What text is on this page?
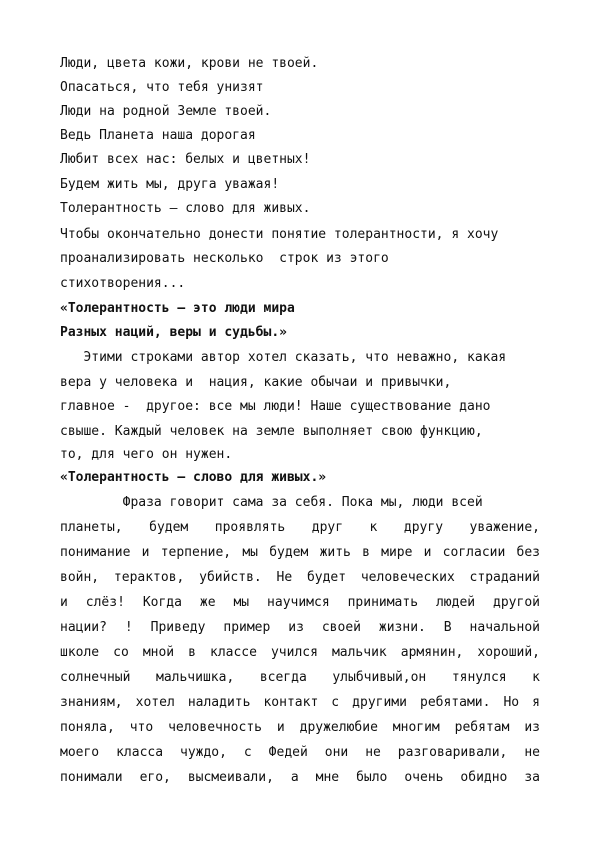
Люди, цвета кожи, крови не твоей.
Опасаться, что тебя унизят
Люди на родной Земле твоей.
Ведь Планета наша дорогая
Любит всех нас: белых и цветных!
Будем жить мы, друга уважая!
Толерантность – слово для живых.
Чтобы окончательно донести понятие толерантности, я хочу
проанализировать несколько  строк из этого
стихотворения...
«Толерантность – это люди мира
Разных наций, веры и судьбы.»
Этими строками автор хотел сказать, что неважно, какая
вера у человека и  нация, какие обычаи и привычки,
главное -  другое: все мы люди! Наше существование дано
свыше. Каждый человек на земле выполняет свою функцию,
то, для чего он нужен.
«Толерантность – слово для живых.»
Фраза говорит сама за себя. Пока мы, люди всей
планеты, будем проявлять друг к другу уважение,
понимание и терпение, мы будем жить в мире и согласии без
войн, терактов, убийств. Не будет человеческих страданий
и слёз! Когда же мы научимся принимать людей другой
нации? ! Приведу пример из своей жизни. В начальной
школе со мной в классе учился мальчик армянин, хороший,
солнечный мальчишка, всегда улыбчивый,он тянулся к
знаниям, хотел наладить контакт с другими ребятами. Но я
поняла, что человечность и дружелюбие многим ребятам из
моего класса чуждо, с Федей они не разговаривали, не
понимали его, высмеивали, а мне было очень обидно за
